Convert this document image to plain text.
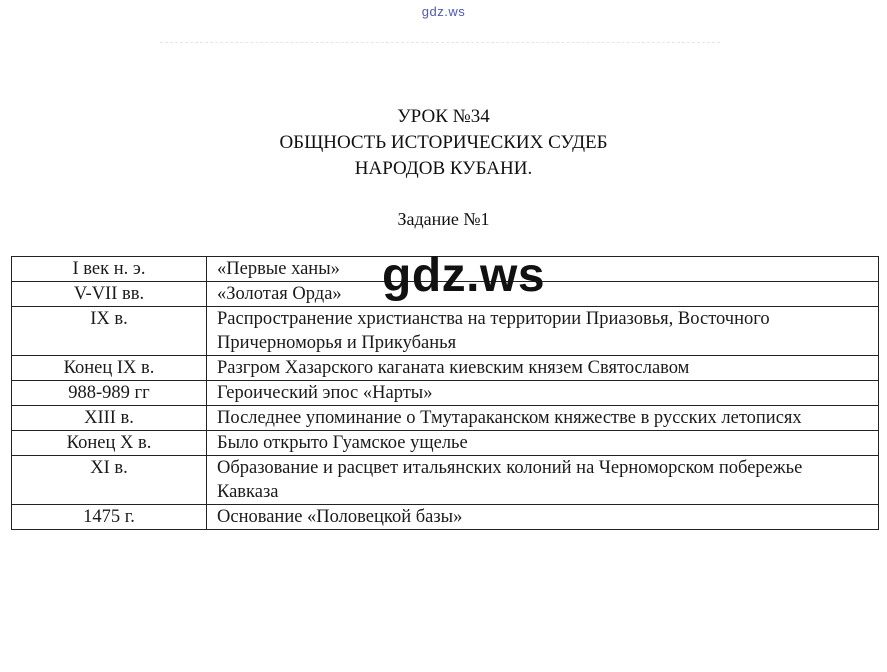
gdz.ws
УРОК №34
ОБЩНОСТЬ ИСТОРИЧЕСКИХ СУДЕБ
НАРОДОВ КУБАНИ.
Задание №1
I век н. э.	«Первые ханы»
V-VII вв.	«Золотая Орда»
IX в.	Распространение христианства на территории Приазовья, Восточного Причерноморья и Прикубанья
Конец IX в.	Разгром Хазарского каганата киевским князем Святославом
988-989 гг	Героический эпос «Нарты»
XIII в.	Последнее упоминание о Тмутараканском княжестве в русских летописях
Конец X в.	Было открыто Гуамское ущелье
XI в.	Образование и расцвет итальянских колоний на Черноморском побережье Кавказа
1475 г.	Основание «Половецкой базы»
gdz.ws
